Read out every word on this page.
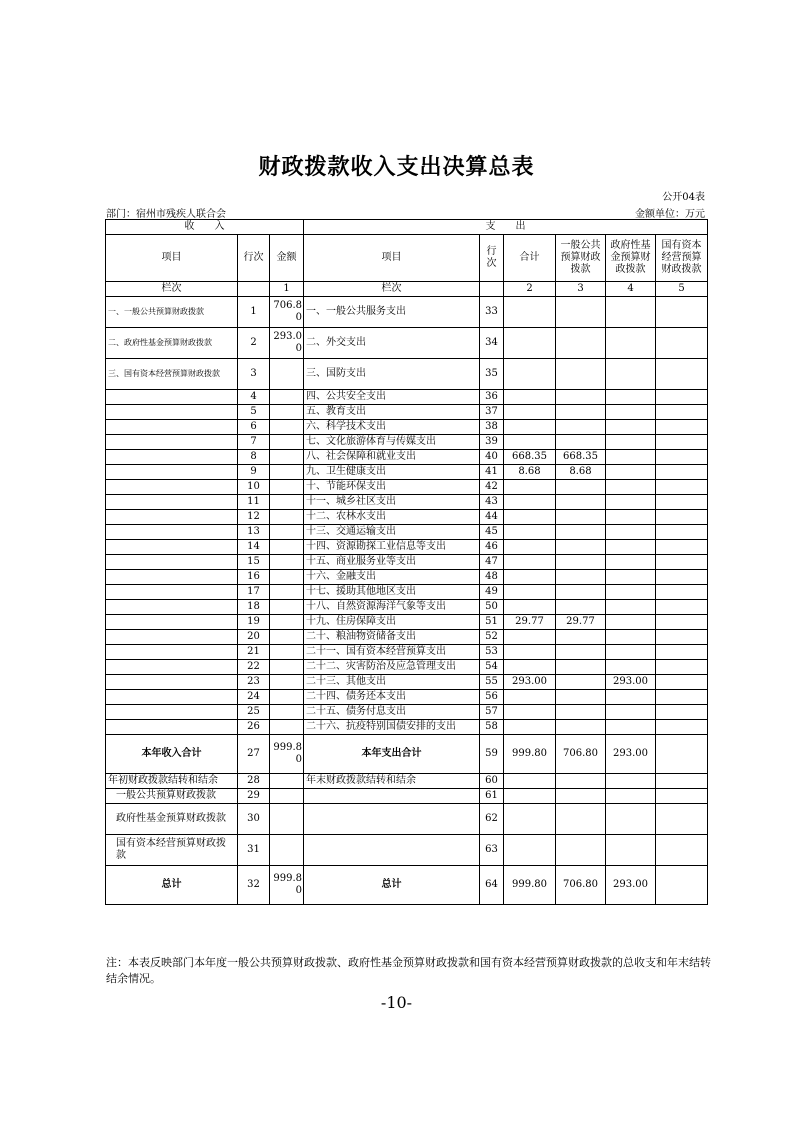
财政拨款收入支出决算总表
公开04表
部门：宿州市残疾人联合会	金额单位：万元
收　　入			支　　出					
项目	行次	金额	项目	行次	合计	一般公共预算财政拨款	政府性基金预算财政拨款	国有资本经营预算财政拨款
栏次		1	栏次		2	3	4	5
一、一般公共预算财政拨款	1	706.80	一、一般公共服务支出	33				
二、政府性基金预算财政拨款	2	293.00	二、外交支出	34				
三、国有资本经营预算财政拨款	3		三、国防支出	35				
	4		四、公共安全支出	36				
	5		五、教育支出	37				
	6		六、科学技术支出	38				
	7		七、文化旅游体育与传媒支出	39				
	8		八、社会保障和就业支出	40	668.35	668.35		
	9		九、卫生健康支出	41	8.68	8.68		
	10		十、节能环保支出	42				
	11		十一、城乡社区支出	43				
	12		十二、农林水支出	44				
	13		十三、交通运输支出	45				
	14		十四、资源勘探工业信息等支出	46				
	15		十五、商业服务业等支出	47				
	16		十六、金融支出	48				
	17		十七、援助其他地区支出	49				
	18		十八、自然资源海洋气象等支出	50				
	19		十九、住房保障支出	51	29.77	29.77		
	20		二十、粮油物资储备支出	52				
	21		二十一、国有资本经营预算支出	53				
	22		二十二、灾害防治及应急管理支出	54				
	23		二十三、其他支出	55	293.00		293.00	
	24		二十四、债务还本支出	56				
	25		二十五、债务付息支出	57				
	26		二十六、抗疫特别国债安排的支出	58				
本年收入合计	27	999.80	本年支出合计	59	999.80	706.80	293.00	
年初财政拨款结转和结余	28		年末财政拨款结转和结余	60				
一般公共预算财政拨款	29			61				
政府性基金预算财政拨款	30			62				
国有资本经营预算财政拨款	31			63				
总计	32	999.80	总计	64	999.80	706.80	293.00	
注：本表反映部门本年度一般公共预算财政拨款、政府性基金预算财政拨款和国有资本经营预算财政拨款的总收支和年末结转结余情况。
-10-
